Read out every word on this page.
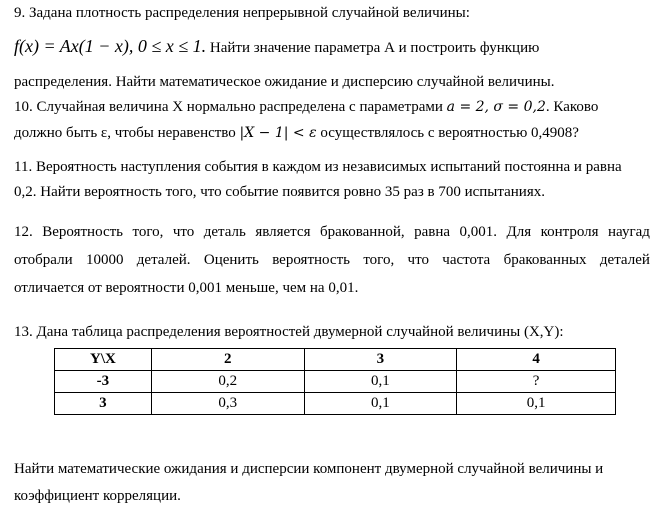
9. Задана плотность распределения непрерывной случайной величины:
f(x) = Ax(1 − x), 0 ≤ x ≤ 1. Найти значение параметра А и построить функцию
распределения. Найти математическое ожидание и дисперсию случайной величины.
10. Случайная величина Х нормально распределена с параметрами a = 2, σ = 0,2. Каково
должно быть ε, чтобы неравенство |X − 1| < ε осуществлялось с вероятностью 0,4908?
11. Вероятность наступления события в каждом из независимых испытаний постоянна и равна
0,2. Найти вероятность того, что событие появится ровно 35 раз в 700 испытаниях.
12. Вероятность того, что деталь является бракованной, равна 0,001. Для контроля наугад
отобрали 10000 деталей. Оценить вероятность того, что частота бракованных деталей
отличается от вероятности 0,001 меньше, чем на 0,01.
13. Дана таблица распределения вероятностей двумерной случайной величины (X,Y):
Y\X	2	3	4
-3	0,2	0,1	?
3	0,3	0,1	0,1
Найти математические ожидания и дисперсии компонент двумерной случайной величины и
коэффициент корреляции.
